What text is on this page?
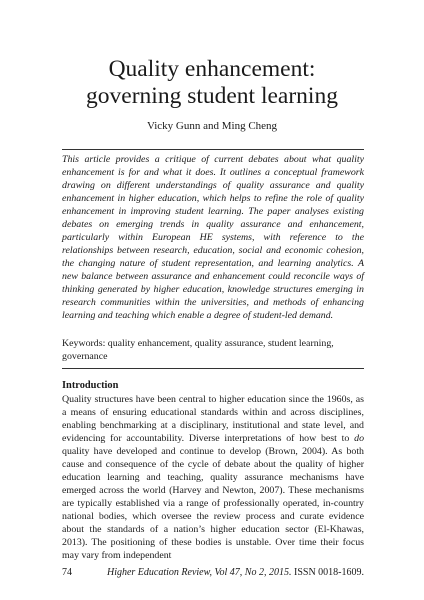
Quality enhancement:
governing student learning
Vicky Gunn and Ming Cheng

This article provides a critique of current debates about what quality enhancement is for and what it does. It outlines a conceptual framework drawing on different understandings of quality assurance and quality enhancement in higher education, which helps to refine the role of quality enhancement in improving student learning. The paper analyses existing debates on emerging trends in quality assurance and enhancement, particularly within European HE systems, with reference to the relationships between research, education, social and economic cohesion, the changing nature of student representation, and learning analytics. A new balance between assurance and enhancement could reconcile ways of thinking generated by higher education, knowledge structures emerging in research communities within the universities, and methods of enhancing learning and teaching which enable a degree of student-led demand.

Keywords: quality enhancement, quality assurance, student learning, governance

Introduction

Quality structures have been central to higher education since the 1960s, as a means of ensuring educational standards within and across disciplines, enabling benchmarking at a disciplinary, institutional and state level, and evidencing for accountability. Diverse interpretations of how best to do quality have developed and continue to develop (Brown, 2004). As both cause and consequence of the cycle of debate about the quality of higher education learning and teaching, quality assurance mechanisms have emerged across the world (Harvey and Newton, 2007). These mechanisms are typically established via a range of professionally operated, in-country national bodies, which oversee the review process and curate evidence about the standards of a nation’s higher education sector (El-Khawas, 2013). The positioning of these bodies is unstable. Over time their focus may vary from independent

74	Higher Education Review, Vol 47, No 2, 2015. ISSN 0018-1609.
